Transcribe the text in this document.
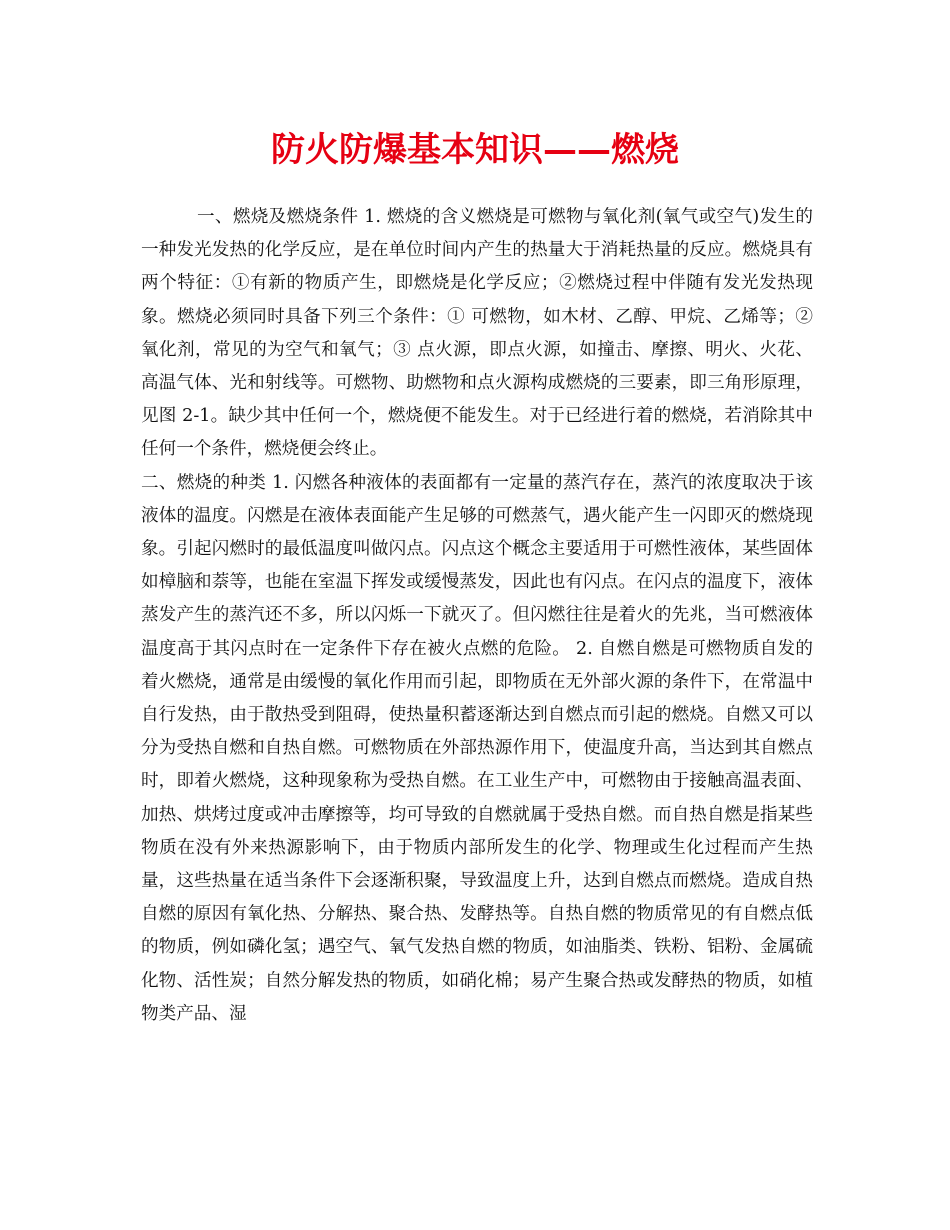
防火防爆基本知识——燃烧

一、燃烧及燃烧条件 1. 燃烧的含义燃烧是可燃物与氧化剂(氧气或空气)发生的一种发光发热的化学反应，是在单位时间内产生的热量大于消耗热量的反应。燃烧具有两个特征：①有新的物质产生，即燃烧是化学反应；②燃烧过程中伴随有发光发热现象。燃烧必须同时具备下列三个条件：① 可燃物，如木材、乙醇、甲烷、乙烯等；② 氧化剂，常见的为空气和氧气；③ 点火源，即点火源，如撞击、摩擦、明火、火花、高温气体、光和射线等。可燃物、助燃物和点火源构成燃烧的三要素，即三角形原理，见图 2-1。缺少其中任何一个，燃烧便不能发生。对于已经进行着的燃烧，若消除其中任何一个条件，燃烧便会终止。

二、燃烧的种类 1. 闪燃各种液体的表面都有一定量的蒸汽存在，蒸汽的浓度取决于该液体的温度。闪燃是在液体表面能产生足够的可燃蒸气，遇火能产生一闪即灭的燃烧现象。引起闪燃时的最低温度叫做闪点。闪点这个概念主要适用于可燃性液体，某些固体如樟脑和萘等，也能在室温下挥发或缓慢蒸发，因此也有闪点。在闪点的温度下，液体蒸发产生的蒸汽还不多，所以闪烁一下就灭了。但闪燃往往是着火的先兆，当可燃液体温度高于其闪点时在一定条件下存在被火点燃的危险。 2. 自燃自燃是可燃物质自发的着火燃烧，通常是由缓慢的氧化作用而引起，即物质在无外部火源的条件下，在常温中自行发热，由于散热受到阻碍，使热量积蓄逐渐达到自燃点而引起的燃烧。自燃又可以分为受热自燃和自热自燃。可燃物质在外部热源作用下，使温度升高，当达到其自燃点时，即着火燃烧，这种现象称为受热自燃。在工业生产中，可燃物由于接触高温表面、加热、烘烤过度或冲击摩擦等，均可导致的自燃就属于受热自燃。而自热自燃是指某些物质在没有外来热源影响下，由于物质内部所发生的化学、物理或生化过程而产生热量，这些热量在适当条件下会逐渐积聚，导致温度上升，达到自燃点而燃烧。造成自热自燃的原因有氧化热、分解热、聚合热、发酵热等。自热自燃的物质常见的有自燃点低的物质，例如磷化氢；遇空气、氧气发热自燃的物质，如油脂类、铁粉、铝粉、金属硫化物、活性炭；自然分解发热的物质，如硝化棉；易产生聚合热或发酵热的物质，如植物类产品、湿
